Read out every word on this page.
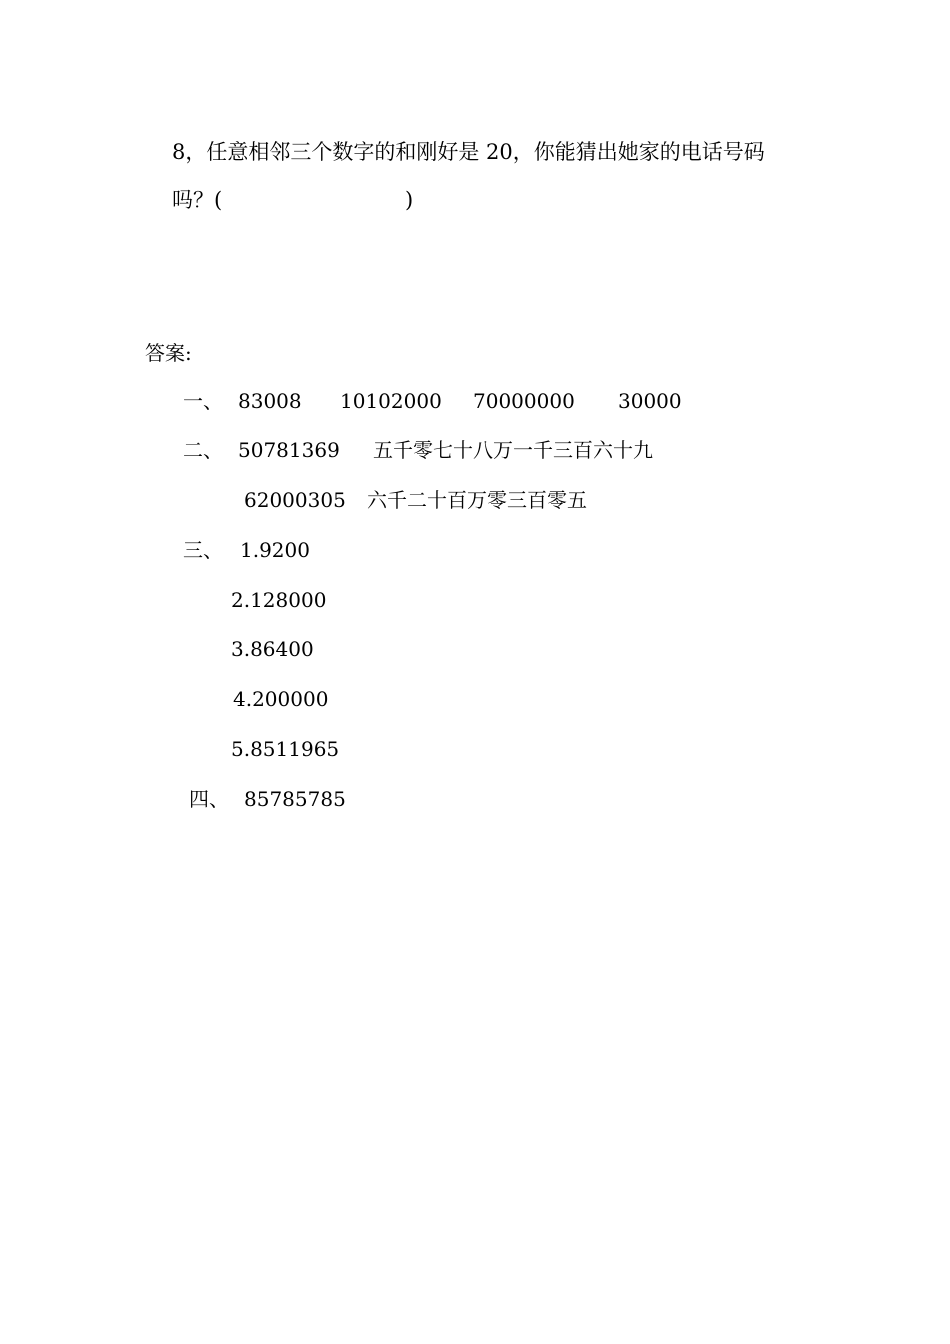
8，任意相邻三个数字的和刚好是 20，你能猜出她家的电话号码
吗？(	)
答案:
一、 83008 10102000 70000000 30000
二、 50781369 五千零七十八万一千三百六十九
62000305 六千二十百万零三百零五
三、 1.9200
2.128000
3.86400
4.200000
5.8511965
四、 85785785
